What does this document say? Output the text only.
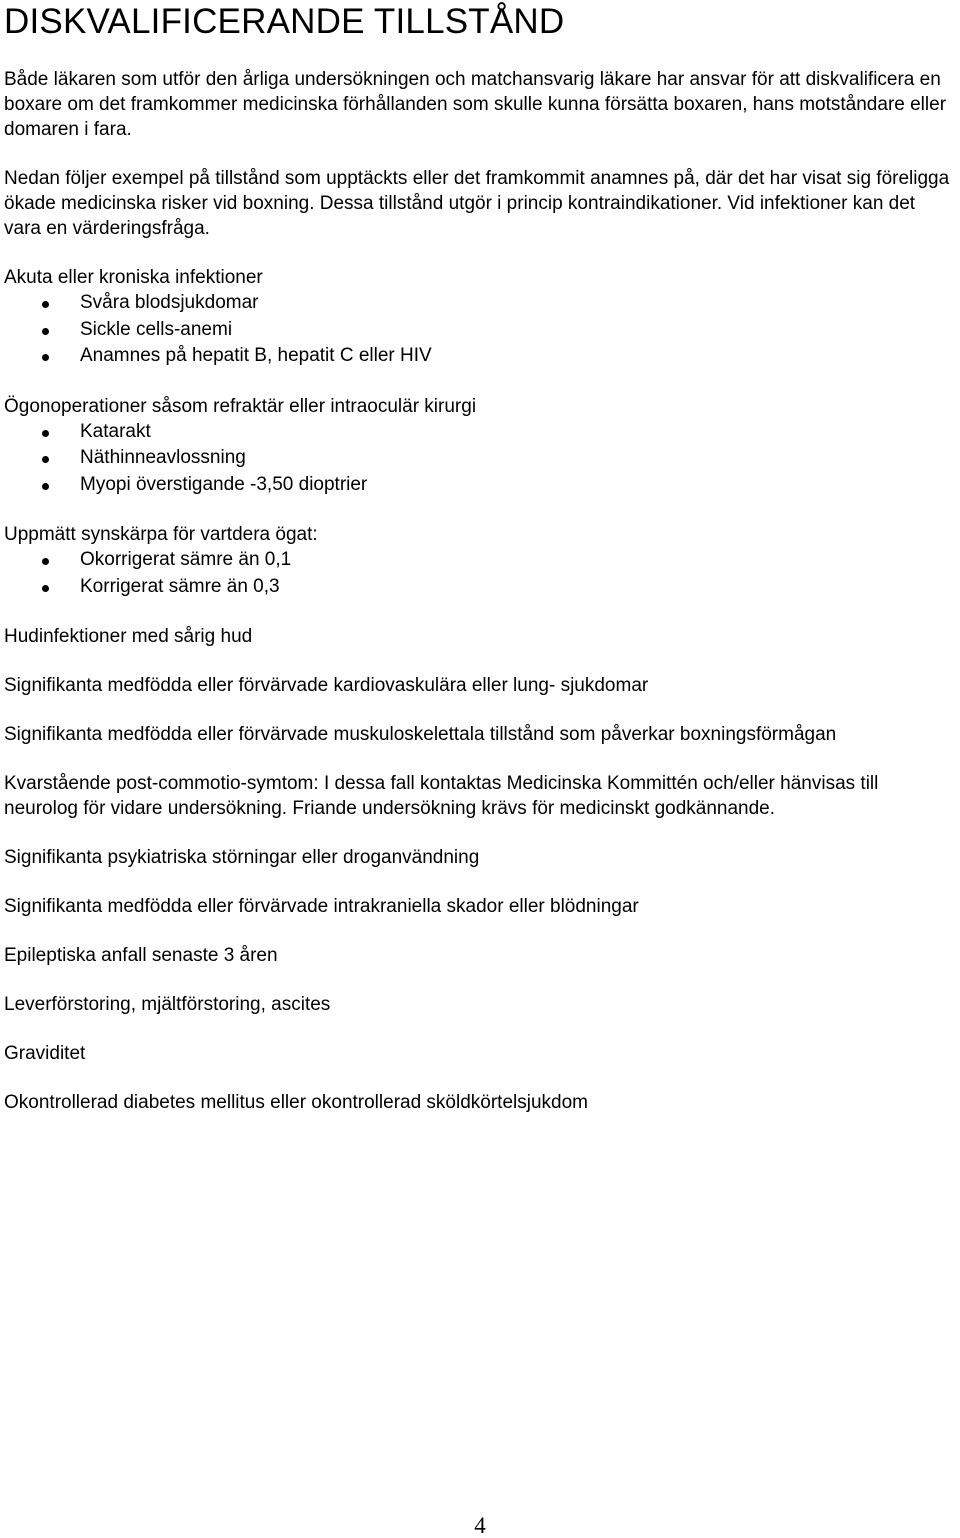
DISKVALIFICERANDE TILLSTÅND

Både läkaren som utför den årliga undersökningen och matchansvarig läkare har ansvar för att diskvalificera en boxare om det framkommer medicinska förhållanden som skulle kunna försätta boxaren, hans motståndare eller domaren i fara.

Nedan följer exempel på tillstånd som upptäckts eller det framkommit anamnes på, där det har visat sig föreligga ökade medicinska risker vid boxning. Dessa tillstånd utgör i princip kontraindikationer. Vid infektioner kan det vara en värderingsfråga.

Akuta eller kroniska infektioner

Svåra blodsjukdomar
Sickle cells-anemi
Anamnes på hepatit B, hepatit C eller HIV

Ögonoperationer såsom refraktär eller intraoculär kirurgi

Katarakt
Näthinneavlossning
Myopi överstigande -3,50 dioptrier

Uppmätt synskärpa för vartdera ögat:

Okorrigerat sämre än 0,1
Korrigerat sämre än 0,3

Hudinfektioner med sårig hud

Signifikanta medfödda eller förvärvade kardiovaskulära eller lung- sjukdomar

Signifikanta medfödda eller förvärvade muskuloskelettala tillstånd som påverkar boxningsförmågan

Kvarstående post-commotio-symtom: I dessa fall kontaktas Medicinska Kommittén och/eller hänvisas till neurolog för vidare undersökning. Friande undersökning krävs för medicinskt godkännande.

Signifikanta psykiatriska störningar eller droganvändning

Signifikanta medfödda eller förvärvade intrakraniella skador eller blödningar

Epileptiska anfall senaste 3 åren

Leverförstoring, mjältförstoring, ascites

Graviditet

Okontrollerad diabetes mellitus eller okontrollerad sköldkörtelsjukdom

4
